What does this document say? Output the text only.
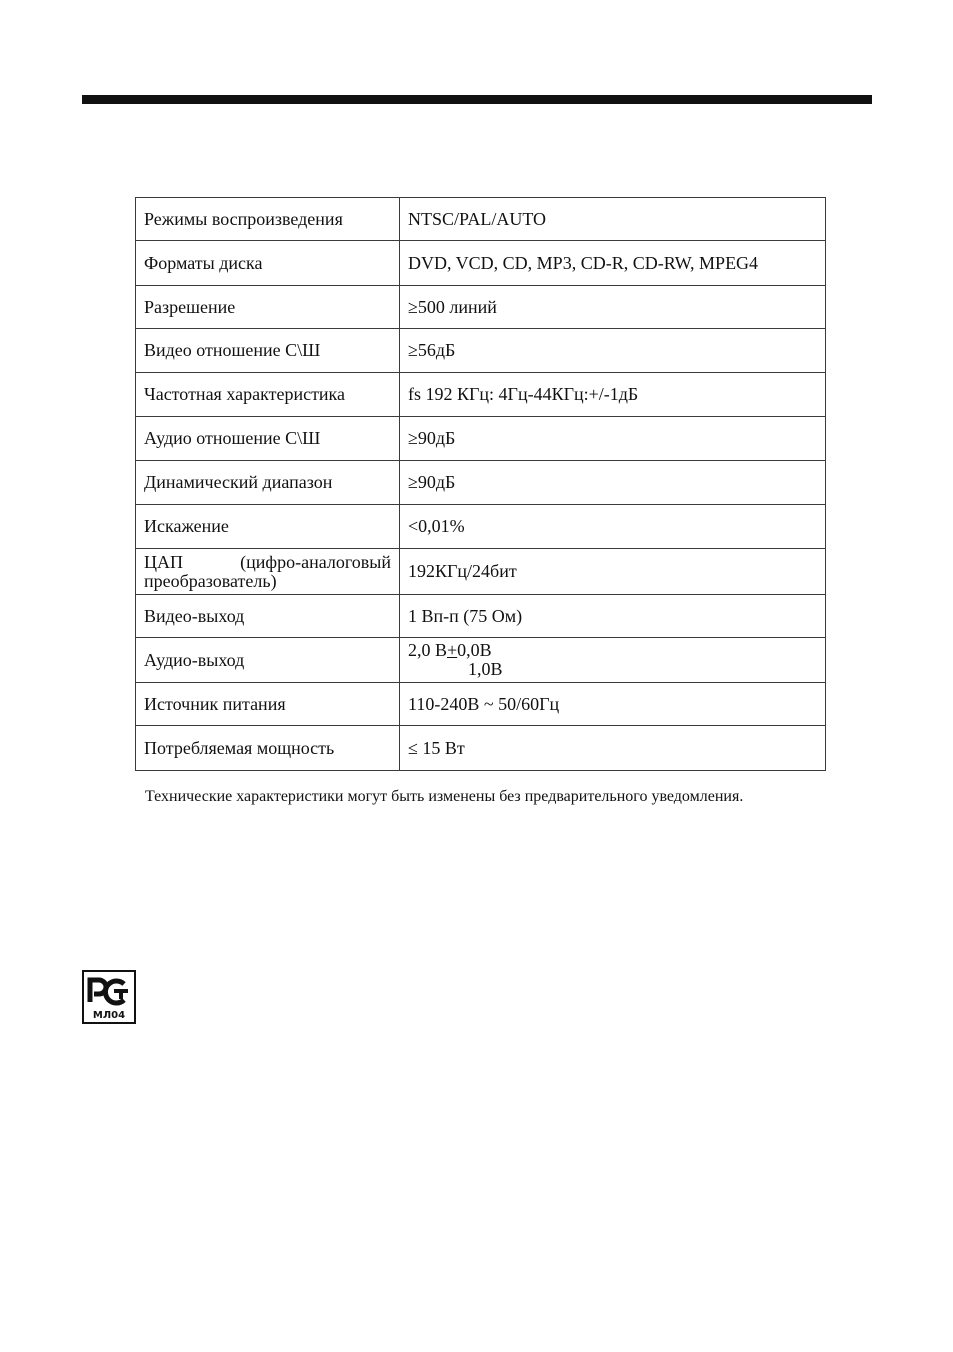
Режимы воспроизведения	NTSC/PAL/AUTO
Форматы диска	DVD, VCD, CD, MP3, CD-R, CD-RW, MPEG4
Разрешение	≥500 линий
Видео отношение С\Ш	≥56дБ
Частотная характеристика	fs 192 КГц: 4Гц-44КГц:+/-1дБ
Аудио отношение С\Ш	≥90дБ
Динамический диапазон	≥90дБ
Искажение	<0,01%

ЦАП (цифро-аналоговый
преобразователь)	192КГц/24бит
Видео-выход	1 Вп-п (75 Ом)
Аудио-выход	2,0 В+0,0В
1,0В

Источник питания	110-240В ~ 50/60Гц
Потребляемая мощность	≤ 15 Вт
Технические характеристики могут быть изменены без предварительного уведомления.
МЛ04
